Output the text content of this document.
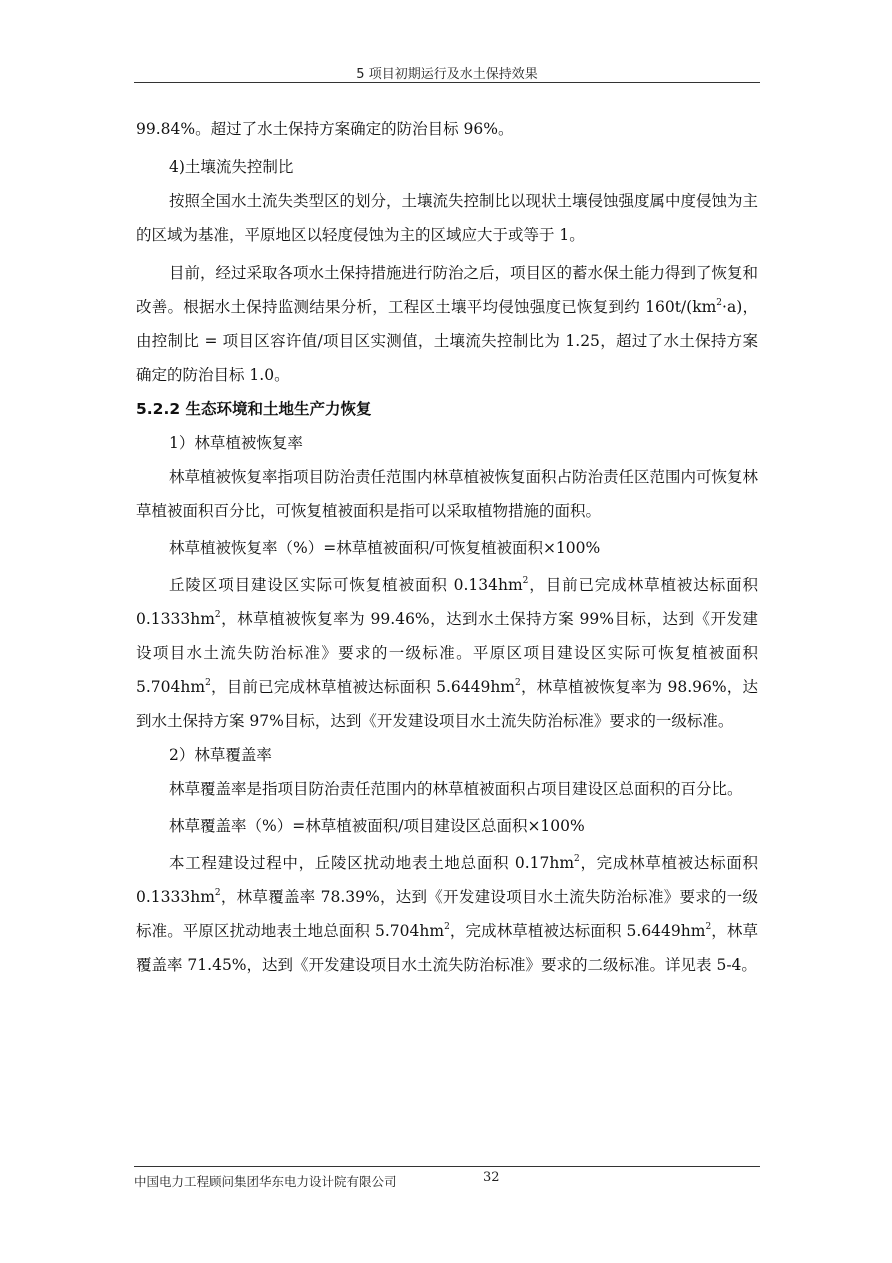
5 项目初期运行及水土保持效果

99.84%。超过了水土保持方案确定的防治目标 96%。

4)土壤流失控制比

按照全国水土流失类型区的划分，土壤流失控制比以现状土壤侵蚀强度属中度侵蚀为主的区域为基准，平原地区以轻度侵蚀为主的区域应大于或等于 1。

目前，经过采取各项水土保持措施进行防治之后，项目区的蓄水保土能力得到了恢复和改善。根据水土保持监测结果分析，工程区土壤平均侵蚀强度已恢复到约 $160t/(km^2\cdot a)$，由控制比 = 项目区容许值/项目区实测值，土壤流失控制比为 1.25，超过了水土保持方案确定的防治目标 1.0。

5.2.2 生态环境和土地生产力恢复

1）林草植被恢复率

林草植被恢复率指项目防治责任范围内林草植被恢复面积占防治责任区范围内可恢复林草植被面积百分比，可恢复植被面积是指可以采取植物措施的面积。

林草植被恢复率（%）=林草植被面积/可恢复植被面积×100%

丘陵区项目建设区实际可恢复植被面积 $0.134hm^2$，目前已完成林草植被达标面积 $0.1333hm^2$，林草植被恢复率为 99.46%，达到水土保持方案 99%目标，达到《开发建设项目水土流失防治标准》要求的一级标准。平原区项目建设区实际可恢复植被面积 $5.704hm^2$，目前已完成林草植被达标面积 $5.6449hm^2$，林草植被恢复率为 98.96%，达到水土保持方案 97%目标，达到《开发建设项目水土流失防治标准》要求的一级标准。

2）林草覆盖率

林草覆盖率是指项目防治责任范围内的林草植被面积占项目建设区总面积的百分比。

林草覆盖率（%）=林草植被面积/项目建设区总面积×100%

本工程建设过程中，丘陵区扰动地表土地总面积 $0.17hm^2$，完成林草植被达标面积 $0.1333hm^2$，林草覆盖率 78.39%，达到《开发建设项目水土流失防治标准》要求的一级标准。平原区扰动地表土地总面积 $5.704hm^2$，完成林草植被达标面积 $5.6449hm^2$，林草覆盖率 71.45%，达到《开发建设项目水土流失防治标准》要求的二级标准。详见表 5-4。

中国电力工程顾问集团华东电力设计院有限公司	32
